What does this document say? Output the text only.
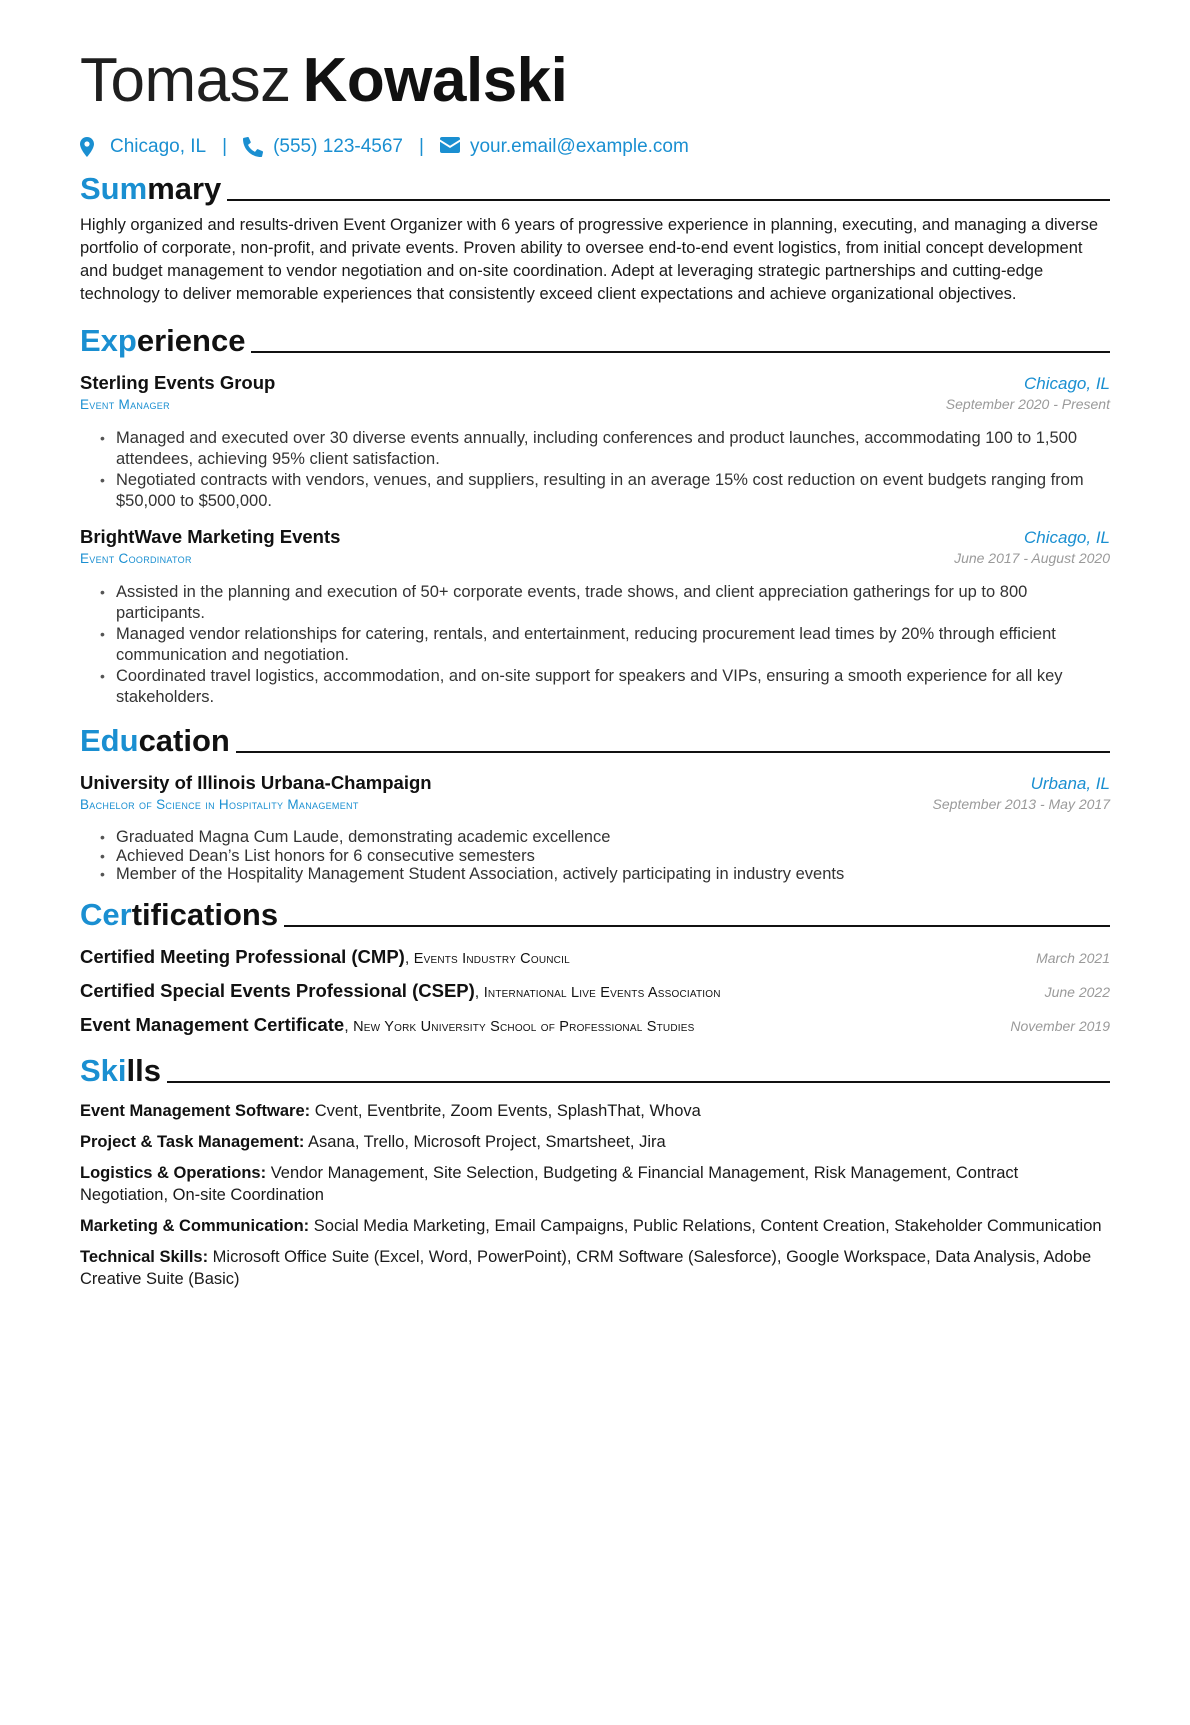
Tomasz Kowalski
Chicago, IL | (555) 123-4567 | your.email@example.com
Summary
Highly organized and results-driven Event Organizer with 6 years of progressive experience in planning, executing, and managing a diverse portfolio of corporate, non-profit, and private events. Proven ability to oversee end-to-end event logistics, from initial concept development and budget management to vendor negotiation and on-site coordination. Adept at leveraging strategic partnerships and cutting-edge technology to deliver memorable experiences that consistently exceed client expectations and achieve organizational objectives.
Experience
Sterling Events Group	Chicago, IL
Event Manager	September 2020 - Present
• Managed and executed over 30 diverse events annually, including conferences and product launches, accommodating 100 to 1,500 attendees, achieving 95% client satisfaction.
• Negotiated contracts with vendors, venues, and suppliers, resulting in an average 15% cost reduction on event budgets ranging from $50,000 to $500,000.
BrightWave Marketing Events	Chicago, IL
Event Coordinator	June 2017 - August 2020
• Assisted in the planning and execution of 50+ corporate events, trade shows, and client appreciation gatherings for up to 800 participants.
• Managed vendor relationships for catering, rentals, and entertainment, reducing procurement lead times by 20% through efficient communication and negotiation.
• Coordinated travel logistics, accommodation, and on-site support for speakers and VIPs, ensuring a smooth experience for all key stakeholders.
Education
University of Illinois Urbana-Champaign	Urbana, IL
Bachelor of Science in Hospitality Management	September 2013 - May 2017
• Graduated Magna Cum Laude, demonstrating academic excellence
• Achieved Dean’s List honors for 6 consecutive semesters
• Member of the Hospitality Management Student Association, actively participating in industry events
Certifications
Certified Meeting Professional (CMP), Events Industry Council	March 2021
Certified Special Events Professional (CSEP), International Live Events Association	June 2022
Event Management Certificate, New York University School of Professional Studies	November 2019
Skills
Event Management Software: Cvent, Eventbrite, Zoom Events, SplashThat, Whova
Project & Task Management: Asana, Trello, Microsoft Project, Smartsheet, Jira
Logistics & Operations: Vendor Management, Site Selection, Budgeting & Financial Management, Risk Management, Contract Negotiation, On-site Coordination
Marketing & Communication: Social Media Marketing, Email Campaigns, Public Relations, Content Creation, Stakeholder Communication
Technical Skills: Microsoft Office Suite (Excel, Word, PowerPoint), CRM Software (Salesforce), Google Workspace, Data Analysis, Adobe Creative Suite (Basic)
